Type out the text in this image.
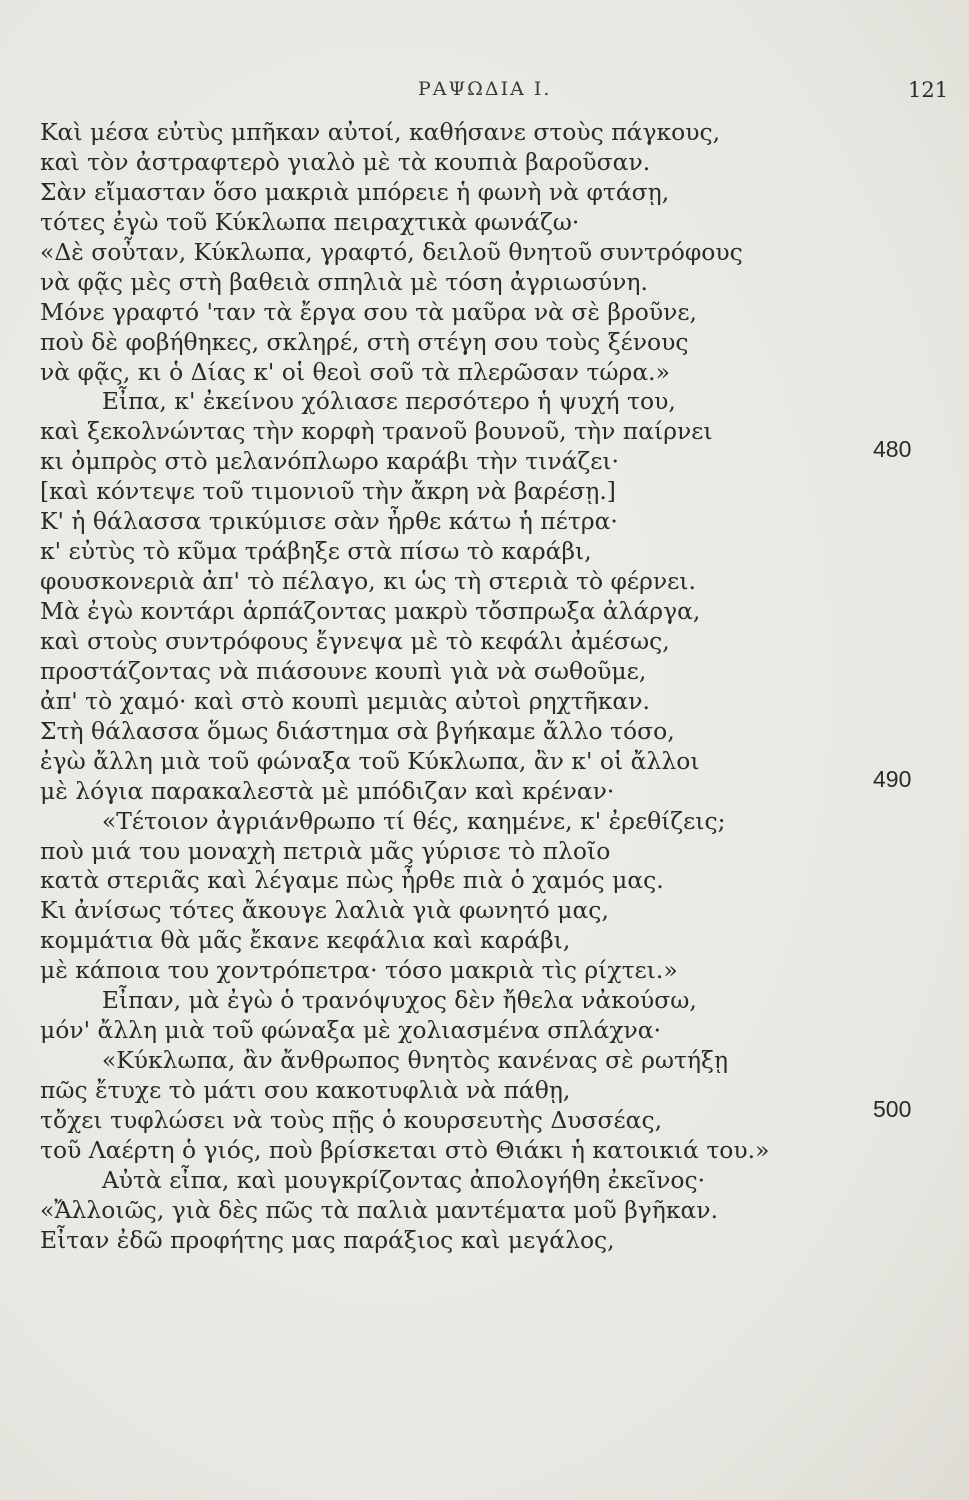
ΡΑΨΩΔΙΑ Ι.	121
Καὶ μέσα εὐτὺς μπῆκαν αὐτοί, καθήσανε στοὺς πάγκους,
καὶ τὸν ἀστραφτερὸ γιαλὸ μὲ τὰ κουπιὰ βαροῦσαν.
Σὰν εἴμασταν ὅσο μακριὰ μπόρειε ἡ φωνὴ νὰ φτάσῃ,
τότες ἐγὼ τοῦ Κύκλωπα πειραχτικὰ φωνάζω·
«Δὲ σοὖταν, Κύκλωπα, γραφτό, δειλοῦ θνητοῦ συντρόφους
νὰ φᾷς μὲς στὴ βαθειὰ σπηλιὰ μὲ τόση ἀγριωσύνη.
Μόνε γραφτό 'ταν τὰ ἔργα σου τὰ μαῦρα νὰ σὲ βροῦνε,
ποὺ δὲ φοβήθηκες, σκληρέ, στὴ στέγη σου τοὺς ξένους
νὰ φᾷς, κι ὁ Δίας κ' οἱ θεοὶ σοῦ τὰ πλερῶσαν τώρα.»
Εἶπα, κ' ἐκείνου χόλιασε περσότερο ἡ ψυχή του,
καὶ ξεκολνώντας τὴν κορφὴ τρανοῦ βουνοῦ, τὴν παίρνει
κι ὀμπρὸς στὸ μελανόπλωρο καράβι τὴν τινάζει·
[καὶ κόντεψε τοῦ τιμονιοῦ τὴν ἄκρη νὰ βαρέσῃ.]
Κ' ἡ θάλασσα τρικύμισε σὰν ἦρθε κάτω ἡ πέτρα·
κ' εὐτὺς τὸ κῦμα τράβηξε στὰ πίσω τὸ καράβι,
φουσκονεριὰ ἀπ' τὸ πέλαγο, κι ὡς τὴ στεριὰ τὸ φέρνει.
Μὰ ἐγὼ κοντάρι ἁρπάζοντας μακρὺ τὄσπρωξα ἀλάργα,
καὶ στοὺς συντρόφους ἔγνεψα μὲ τὸ κεφάλι ἀμέσως,
προστάζοντας νὰ πιάσουνε κουπὶ γιὰ νὰ σωθοῦμε,
ἀπ' τὸ χαμό· καὶ στὸ κουπὶ μεμιὰς αὐτοὶ ρηχτῆκαν.
Στὴ θάλασσα ὅμως διάστημα σὰ βγήκαμε ἄλλο τόσο,
ἐγὼ ἄλλη μιὰ τοῦ φώναξα τοῦ Κύκλωπα, ἂν κ' οἱ ἄλλοι
μὲ λόγια παρακαλεστὰ μὲ μπόδιζαν καὶ κρέναν·
«Τέτοιον ἀγριάνθρωπο τί θές, καημένε, κ' ἐρεθίζεις;
ποὺ μιά του μοναχὴ πετριὰ μᾶς γύρισε τὸ πλοῖο
κατὰ στεριᾶς καὶ λέγαμε πὼς ἦρθε πιὰ ὁ χαμός μας.
Κι ἀνίσως τότες ἄκουγε λαλιὰ γιὰ φωνητό μας,
κομμάτια θὰ μᾶς ἔκανε κεφάλια καὶ καράβι,
μὲ κάποια του χοντρόπετρα· τόσο μακριὰ τὶς ρίχτει.»
Εἶπαν, μὰ ἐγὼ ὁ τρανόψυχος δὲν ἤθελα νἀκούσω,
μόν' ἄλλη μιὰ τοῦ φώναξα μὲ χολιασμένα σπλάχνα·
«Κύκλωπα, ἂν ἄνθρωπος θνητὸς κανένας σὲ ρωτήξῃ
πῶς ἔτυχε τὸ μάτι σου κακοτυφλιὰ νὰ πάθῃ,
τὄχει τυφλώσει νὰ τοὺς πῇς ὁ κουρσευτὴς Δυσσέας,
τοῦ Λαέρτη ὁ γιός, ποὺ βρίσκεται στὸ Θιάκι ἡ κατοικιά του.»
Αὐτὰ εἶπα, καὶ μουγκρίζοντας ἀπολογήθη ἐκεῖνος·
«Ἄλλοιῶς, γιὰ δὲς πῶς τὰ παλιὰ μαντέματα μοῦ βγῆκαν.
Εἶταν ἐδῶ προφήτης μας παράξιος καὶ μεγάλος,
480
490
500
